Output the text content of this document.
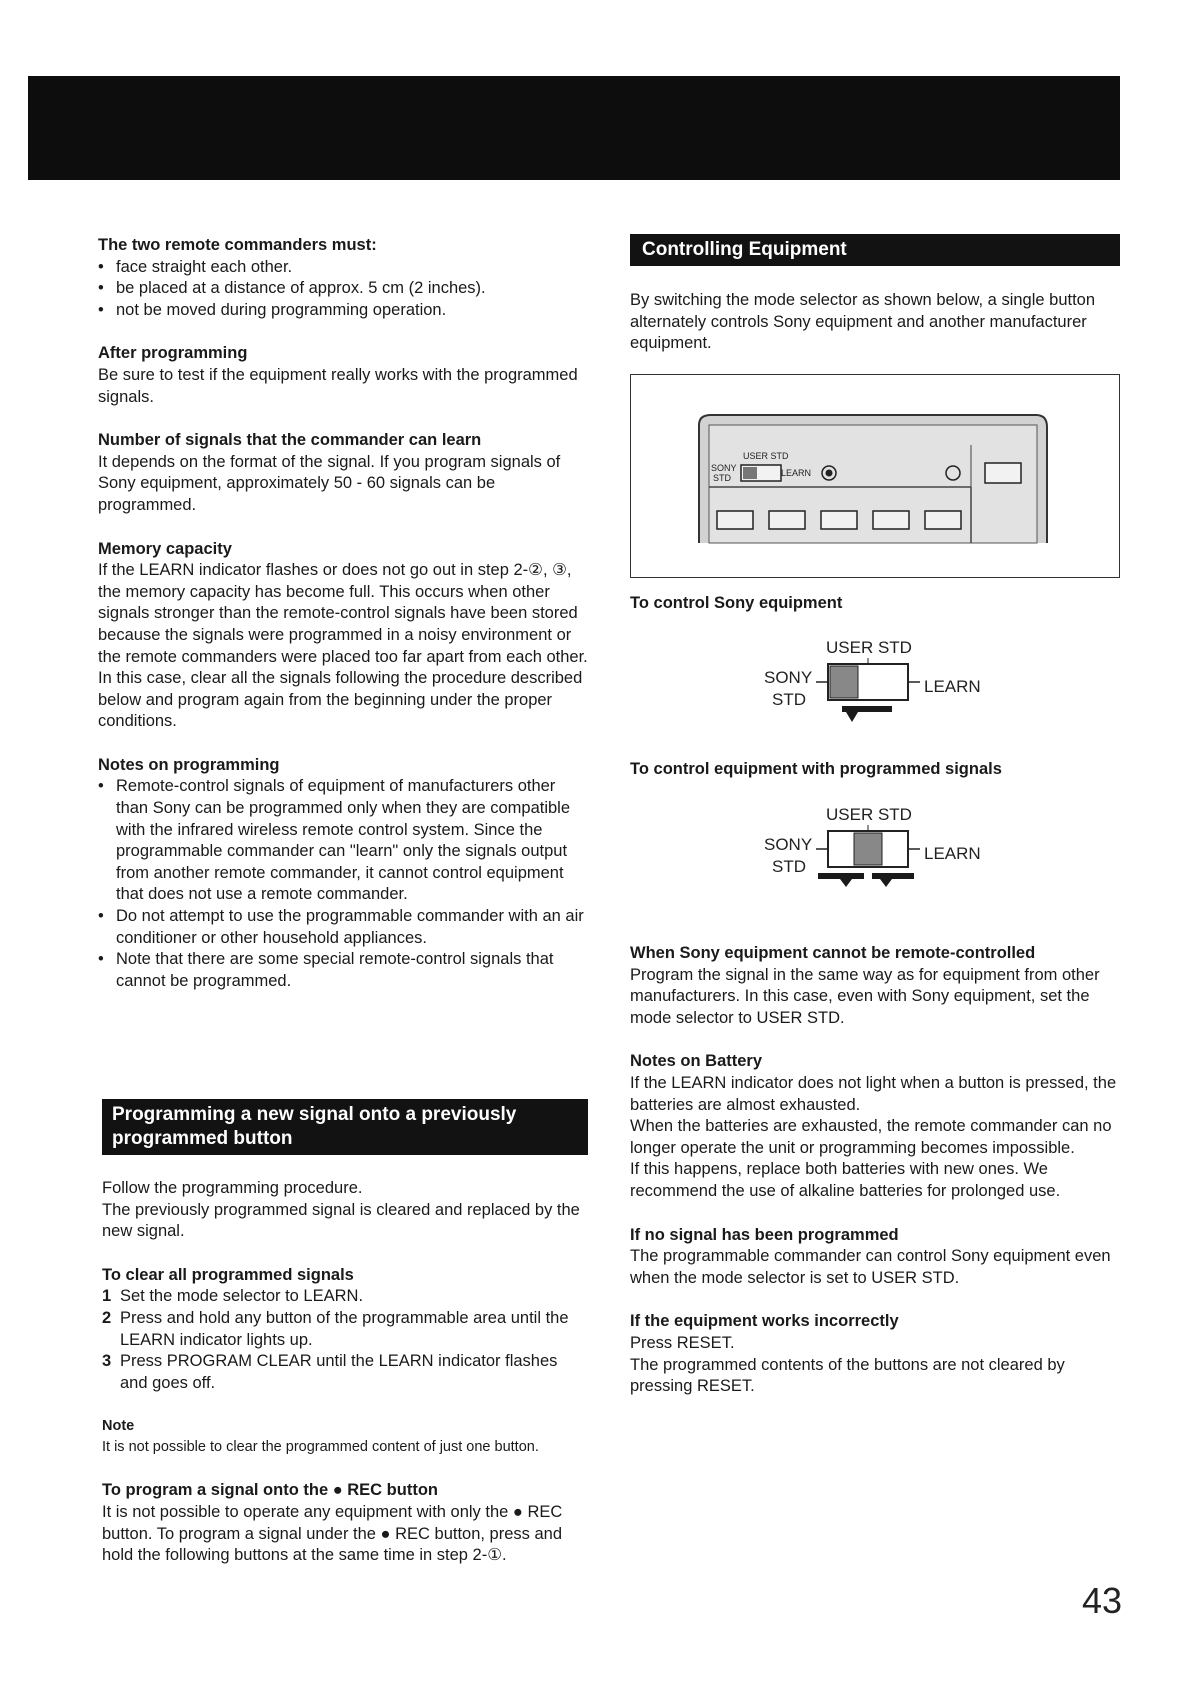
The two remote commanders must:

• face straight each other.
• be placed at a distance of approx. 5 cm (2 inches).
• not be moved during programming operation.

After programming

Be sure to test if the equipment really works with the programmed signals.

Number of signals that the commander can learn

It depends on the format of the signal. If you program signals of Sony equipment, approximately 50 - 60 signals can be programmed.

Memory capacity

If the LEARN indicator flashes or does not go out in step 2-②, ③, the memory capacity has become full. This occurs when other signals stronger than the remote-control signals have been stored because the signals were programmed in a noisy environment or the remote commanders were placed too far apart from each other.

In this case, clear all the signals following the procedure described below and program again from the beginning under the proper conditions.

Notes on programming

• Remote-control signals of equipment of manufacturers other than Sony can be programmed only when they are compatible with the infrared wireless remote control system. Since the programmable commander can "learn" only the signals output from another remote commander, it cannot control equipment that does not use a remote commander.
• Do not attempt to use the programmable commander with an air conditioner or other household appliances.
• Note that there are some special remote-control signals that cannot be programmed.
Programming a new signal onto a previously
programmed button

Follow the programming procedure.

The previously programmed signal is cleared and replaced by the new signal.

To clear all programmed signals

1 Set the mode selector to LEARN.
2 Press and hold any button of the programmable area until the LEARN indicator lights up.
3 Press PROGRAM CLEAR until the LEARN indicator flashes and goes off.

Note

It is not possible to clear the programmed content of just one button.

To program a signal onto the ● REC button

It is not possible to operate any equipment with only the ● REC button. To program a signal under the ● REC button, press and hold the following buttons at the same time in step 2-①.

Controlling Equipment

By switching the mode selector as shown below, a single button alternately controls Sony equipment and another manufacturer equipment.

USER STD
SONY
STD	LEARN
To control Sony equipment
USER STD
SONY
STD
LEARN
To control equipment with programmed signals
USER STD
SONY
STD
LEARN

When Sony equipment cannot be remote-controlled

Program the signal in the same way as for equipment from other manufacturers. In this case, even with Sony equipment, set the mode selector to USER STD.

Notes on Battery

If the LEARN indicator does not light when a button is pressed, the batteries are almost exhausted.

When the batteries are exhausted, the remote commander can no longer operate the unit or programming becomes impossible.

If this happens, replace both batteries with new ones. We recommend the use of alkaline batteries for prolonged use.

If no signal has been programmed

The programmable commander can control Sony equipment even when the mode selector is set to USER STD.

If the equipment works incorrectly

Press RESET.

The programmed contents of the buttons are not cleared by pressing RESET.

43
